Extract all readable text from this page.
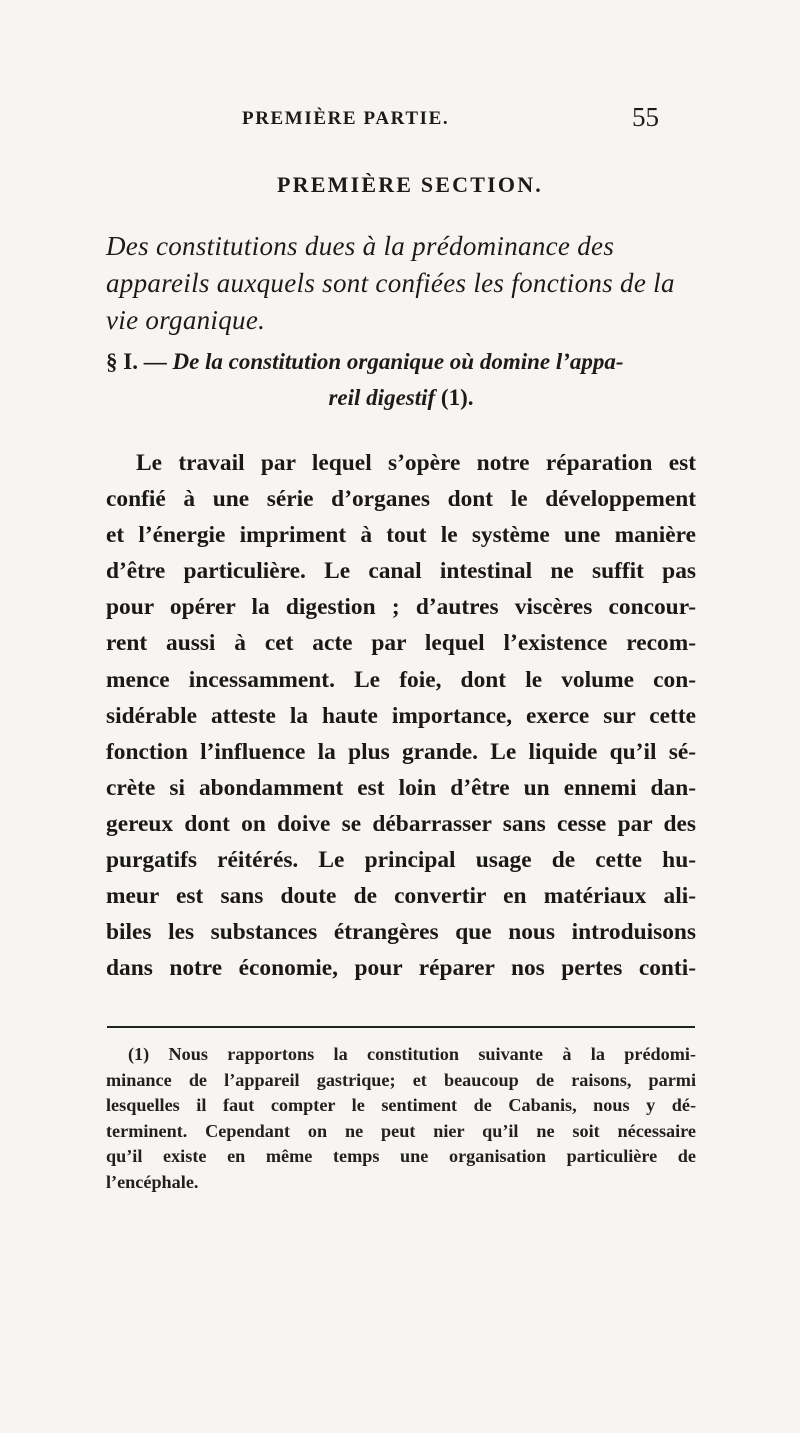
PREMIÈRE PARTIE.	55
PREMIÈRE SECTION.
Des constitutions dues à la prédominance des appareils auxquels sont confiées les fonctions de la vie organique.
§ I. — De la constitution organique où domine l’appa-
reil digestif (1).
Le travail par lequel s’opère notre réparation est
confié à une série d’organes dont le développement
et l’énergie impriment à tout le système une manière
d’être particulière. Le canal intestinal ne suffit pas
pour opérer la digestion ; d’autres viscères concour-
rent aussi à cet acte par lequel l’existence recom-
mence incessamment. Le foie, dont le volume con-
sidérable atteste la haute importance, exerce sur cette
fonction l’influence la plus grande. Le liquide qu’il sé-
crète si abondamment est loin d’être un ennemi dan-
gereux dont on doive se débarrasser sans cesse par des
purgatifs réitérés. Le principal usage de cette hu-
meur est sans doute de convertir en matériaux ali-
biles les substances étrangères que nous introduisons
dans notre économie, pour réparer nos pertes conti-
(1) Nous rapportons la constitution suivante à la prédomi-
minance de l’appareil gastrique; et beaucoup de raisons, parmi
lesquelles il faut compter le sentiment de Cabanis, nous y dé-
terminent. Cependant on ne peut nier qu’il ne soit nécessaire
qu’il existe en même temps une organisation particulière de
l’encéphale.
